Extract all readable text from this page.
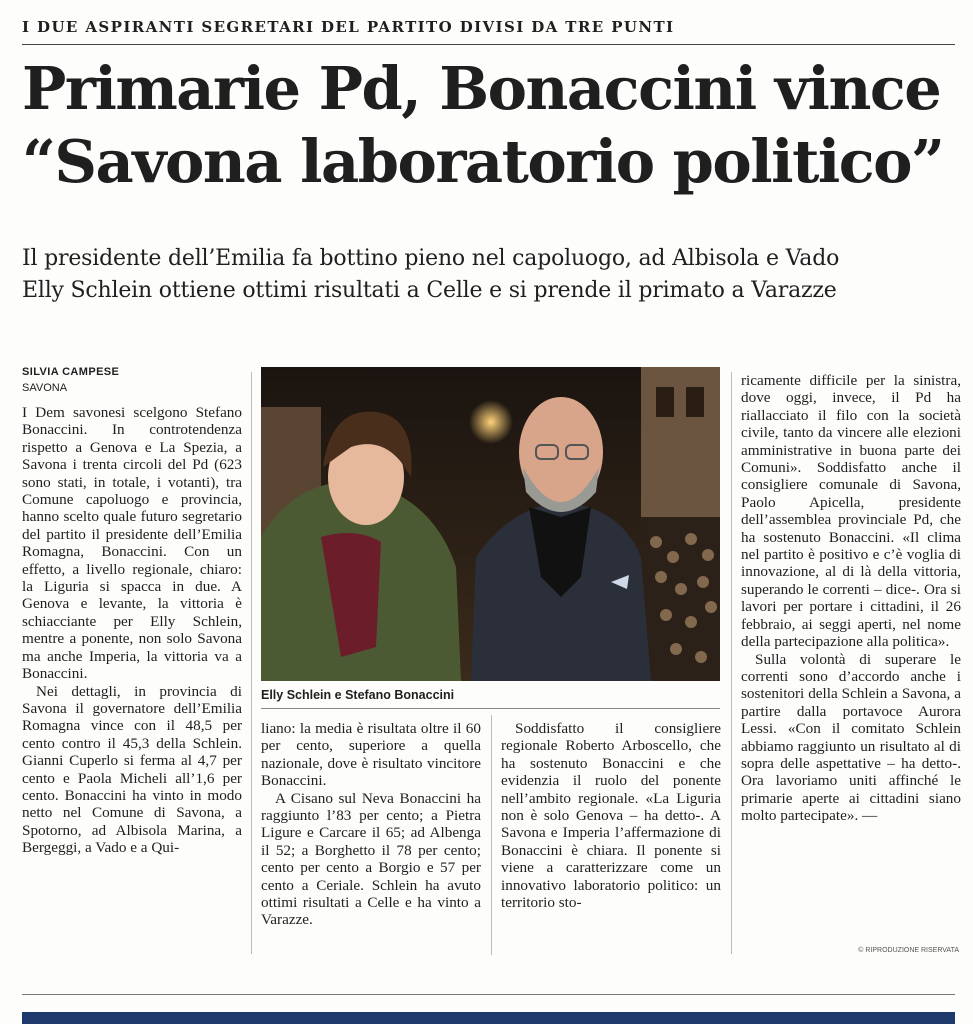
I DUE ASPIRANTI SEGRETARI DEL PARTITO DIVISI DA TRE PUNTI
Primarie Pd, Bonaccini vince
“Savona laboratorio politico”
Il presidente dell’Emilia fa bottino pieno nel capoluogo, ad Albisola e Vado
Elly Schlein ottiene ottimi risultati a Celle e si prende il primato a Varazze
SILVIA CAMPESE
SAVONA

I Dem savonesi scelgono Stefano Bonaccini. In controtendenza rispetto a Genova e La Spezia, a Savona i trenta circoli del Pd (623 sono stati, in totale, i votanti), tra Comune capoluogo e provincia, hanno scelto quale futuro segretario del partito il presidente dell’Emilia Romagna, Bonaccini. Con un effetto, a livello regionale, chiaro: la Liguria si spacca in due. A Genova e levante, la vittoria è schiacciante per Elly Schlein, mentre a ponente, non solo Savona ma anche Imperia, la vittoria va a Bonaccini.

Nei dettagli, in provincia di Savona il governatore dell’Emilia Romagna vince con il 48,5 per cento contro il 45,3 della Schlein. Gianni Cuperlo si ferma al 4,7 per cento e Paola Micheli all’1,6 per cento. Bonaccini ha vinto in modo netto nel Comune di Savona, a Spotorno, ad Albisola Marina, a Bergeggi, a Vado e a Qui-

Elly Schlein e Stefano Bonaccini

liano: la media è risultata oltre il 60 per cento, superiore a quella nazionale, dove è risultato vincitore Bonaccini.

A Cisano sul Neva Bonaccini ha raggiunto l’83 per cento; a Pietra Ligure e Carcare il 65; ad Albenga il 52; a Borghetto il 78 per cento; cento per cento a Borgio e 57 per cento a Ceriale. Schlein ha avuto ottimi risultati a Celle e ha vinto a Varazze.

Soddisfatto il consigliere regionale Roberto Arboscello, che ha sostenuto Bonaccini e che evidenzia il ruolo del ponente nell’ambito regionale. «La Liguria non è solo Genova – ha detto-. A Savona e Imperia l’affermazione di Bonaccini è chiara. Il ponente si viene a caratterizzare come un innovativo laboratorio politico: un territorio sto-

ricamente difficile per la sinistra, dove oggi, invece, il Pd ha riallacciato il filo con la società civile, tanto da vincere alle elezioni amministrative in buona parte dei Comuni». Soddisfatto anche il consigliere comunale di Savona, Paolo Apicella, presidente dell’assemblea provinciale Pd, che ha sostenuto Bonaccini. «Il clima nel partito è positivo e c’è voglia di innovazione, al di là della vittoria, superando le correnti – dice-. Ora si lavori per portare i cittadini, il 26 febbraio, ai seggi aperti, nel nome della partecipazione alla politica».

Sulla volontà di superare le correnti sono d’accordo anche i sostenitori della Schlein a Savona, a partire dalla portavoce Aurora Lessi. «Con il comitato Schlein abbiamo raggiunto un risultato al di sopra delle aspettative – ha detto-. Ora lavoriamo uniti affinché le primarie aperte ai cittadini siano molto partecipate». —

© RIPRODUZIONE RISERVATA
